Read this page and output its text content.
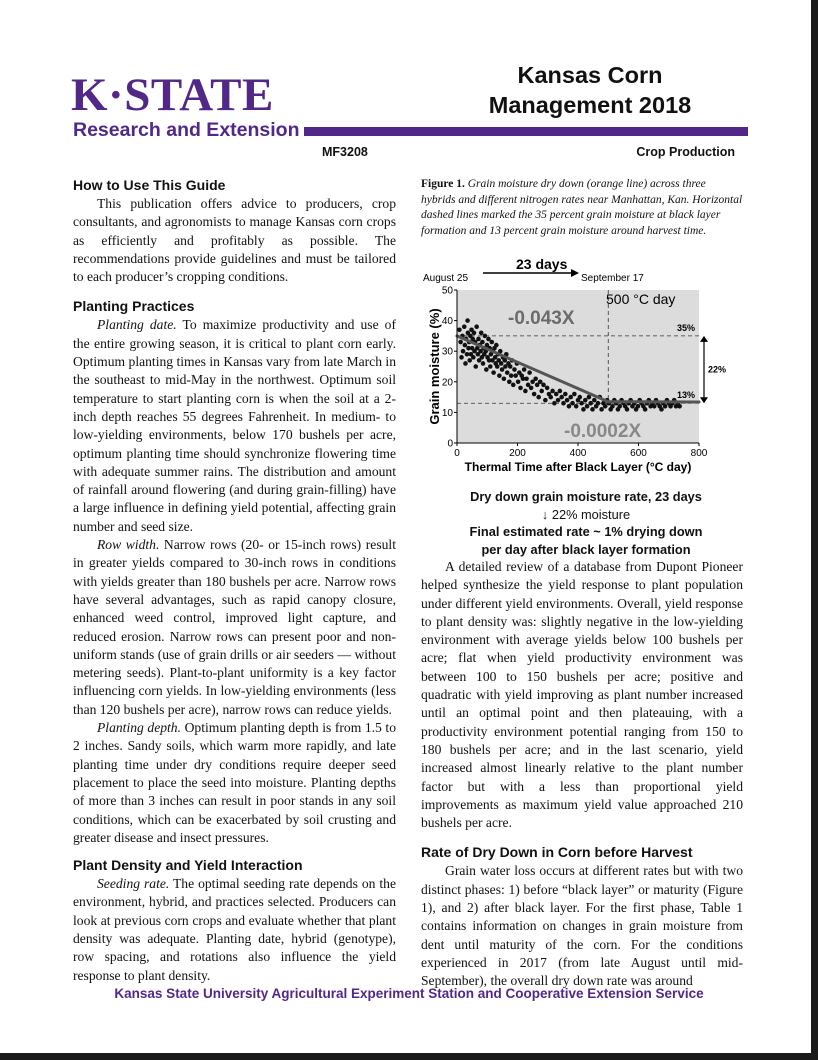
K·STATE
Research and Extension
Kansas Corn
Management 2018
MF3208	Crop Production
How to Use This Guide

This publication offers advice to producers, crop consultants, and agronomists to manage Kansas corn crops as efficiently and profitably as possible. The recommendations provide guidelines and must be tailored to each producer’s cropping conditions.

Planting Practices

Planting date. To maximize productivity and use of the entire growing season, it is critical to plant corn early. Optimum planting times in Kansas vary from late March in the southeast to mid-May in the northwest. Optimum soil temperature to start planting corn is when the soil at a 2-inch depth reaches 55 degrees Fahrenheit. In medium- to low-yielding environments, below 170 bushels per acre, optimum planting time should synchronize flowering time with adequate summer rains. The distribution and amount of rainfall around flowering (and during grain-filling) have a large influence in defining yield potential, affecting grain number and seed size.

Row width. Narrow rows (20- or 15-inch rows) result in greater yields compared to 30-inch rows in conditions with yields greater than 180 bushels per acre. Narrow rows have several advantages, such as rapid canopy closure, enhanced weed control, improved light capture, and reduced erosion. Narrow rows can present poor and non-uniform stands (use of grain drills or air seeders — without metering seeds). Plant-to-plant uniformity is a key factor influencing corn yields. In low-yielding environments (less than 120 bushels per acre), narrow rows can reduce yields.

Planting depth. Optimum planting depth is from 1.5 to 2 inches. Sandy soils, which warm more rapidly, and late planting time under dry conditions require deeper seed placement to place the seed into moisture. Planting depths of more than 3 inches can result in poor stands in any soil conditions, which can be exacerbated by soil crusting and greater disease and insect pressures.

Plant Density and Yield Interaction

Seeding rate. The optimal seeding rate depends on the environment, hybrid, and practices selected. Producers can look at previous corn crops and evaluate whether that plant density was adequate. Planting date, hybrid (genotype), row spacing, and rotations also influence the yield response to plant density.

Figure 1. Grain moisture dry down (orange line) across three hybrids and different nitrogen rates near Manhattan, Kan. Horizontal dashed lines marked the 35 percent grain moisture at black layer formation and 13 percent grain moisture around harvest time.
0
10
20
30
40
50
0	200	400	600	800
Grain moisture (%)
Thermal Time after Black Layer (°C day)
23 days
August 25	September 17
-0.043X
-0.0002X
500 °C day
35%
13%
22%
Dry down grain moisture rate, 23 days
↓ 22% moisture
Final estimated rate ~ 1% drying down
per day after black layer formation

A detailed review of a database from Dupont Pioneer helped synthesize the yield response to plant population under different yield environments. Overall, yield response to plant density was: slightly negative in the low-yielding environment with average yields below 100 bushels per acre; flat when yield productivity environment was between 100 to 150 bushels per acre; positive and quadratic with yield improving as plant number increased until an optimal point and then plateauing, with a productivity environment potential ranging from 150 to 180 bushels per acre; and in the last scenario, yield increased almost linearly relative to the plant number factor but with a less than proportional yield improvements as maximum yield value approached 210 bushels per acre.

Rate of Dry Down in Corn before Harvest

Grain water loss occurs at different rates but with two distinct phases: 1) before “black layer” or maturity (Figure 1), and 2) after black layer. For the first phase, Table 1 contains information on changes in grain moisture from dent until maturity of the corn. For the conditions experienced in 2017 (from late August until mid-September), the overall dry down rate was around

Kansas State University Agricultural Experiment Station and Cooperative Extension Service
